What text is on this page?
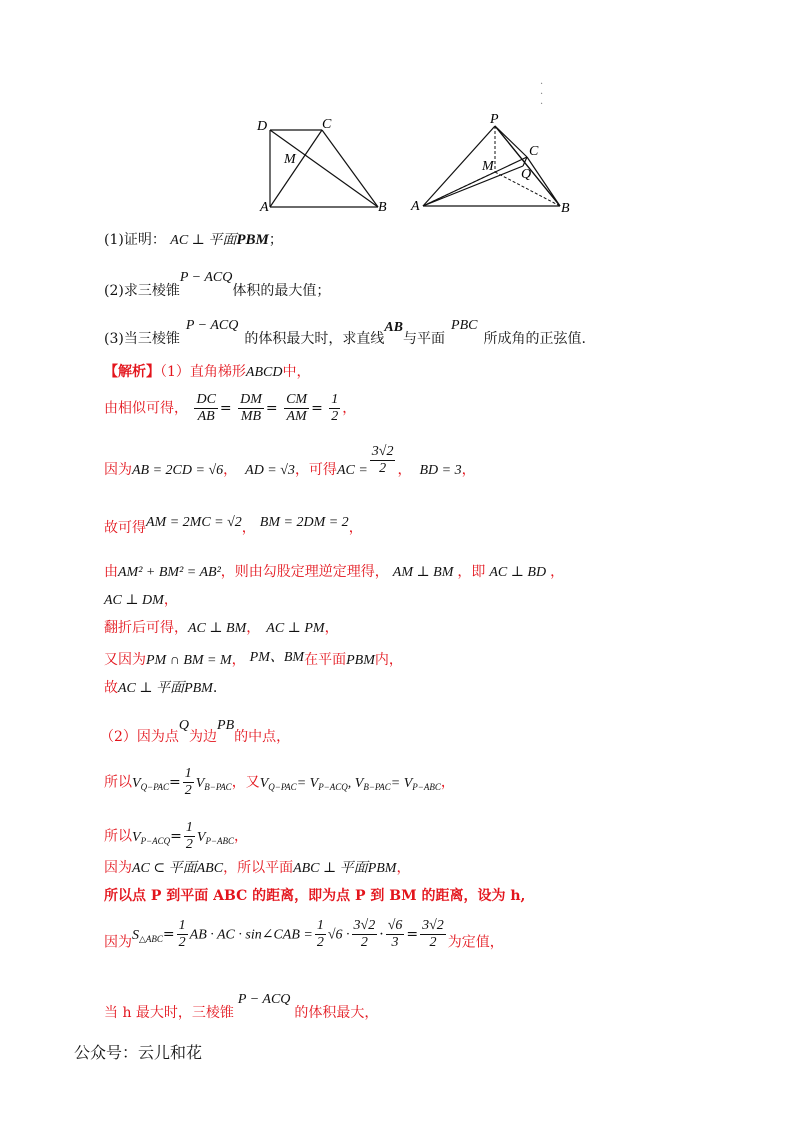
·
·
·
D	C
M
A	B
P
C
M
Q
A	B
(1)证明： AC ⊥ 平面PBM；
(2)求三棱锥P − ACQ体积的最大值；
(3)当三棱锥P − ACQ的体积最大时，求直线AB与平面PBC所成角的正弦值.
【解析】（1）直角梯形ABCD中，
由相似可得， $\frac{DC}{AB} = \frac{DM}{MB} = \frac{CM}{AM} = \frac{1}{2}$ ，
因为AB = 2CD = √6， AD = √3，可得AC = $\frac{3√2}{2}$ ， BD = 3，
故可得AM = 2MC = √2， BM = 2DM = 2，
由AM² + BM² = AB²，则由勾股定理逆定理得， AM ⊥ BM ，即 AC ⊥ BD ，
AC ⊥ DM，
翻折后可得，AC ⊥ BM， AC ⊥ PM，
又因为PM ∩ BM = M， PM、BM在平面PBM内，
故AC ⊥ 平面PBM.
（2）因为点Q为边PB的中点，
所以$V_{Q-PAC}= \frac{1}{2} V_{B-PAC}$，又$V_{Q-PAC}= V_{P-ACQ}$, $V_{B-PAC}= V_{P-ABC}$，
所以$V_{P-ACQ}= \frac{1}{2} V_{P-ABC}$，
因为AC ⊂ 平面ABC，所以平面ABC ⊥ 平面PBM，
所以点 P 到平面 ABC 的距离，即为点 P 到 BM 的距离，设为 h,
因为$S_{\triangle ABC}= \frac{1}{2}$ AB · AC · sin∠CAB = $\frac{1}{2} √6 \cdot \frac{3√2}{2} \cdot \frac{√6}{3} = \frac{3√2}{2}$ 为定值，
当 h 最大时，三棱锥P − ACQ的体积最大，
公众号：云儿和花
